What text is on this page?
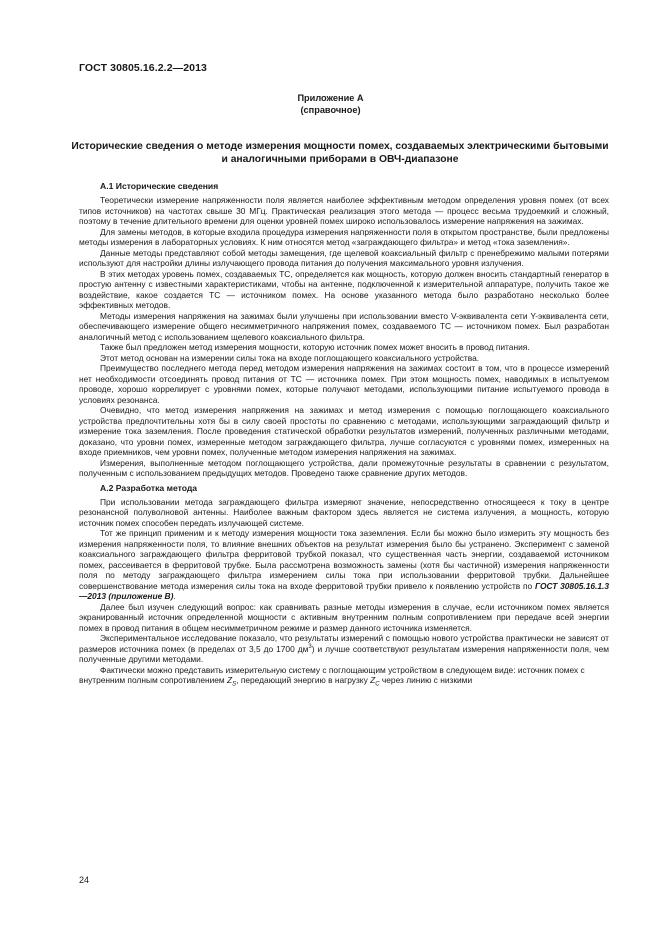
ГОСТ 30805.16.2.2—2013
Приложение А
(справочное)
Исторические сведения о методе измерения мощности помех, создаваемых электрическими бытовыми и аналогичными приборами в ОВЧ-диапазоне
А.1 Исторические сведения

Теоретически измерение напряженности поля является наиболее эффективным методом определения уровня помех (от всех типов источников) на частотах свыше 30 МГц. Практическая реализация этого метода — процесс весьма трудоемкий и сложный, поэтому в течение длительного времени для оценки уровней помех широко использовалось измерение напряжения на зажимах.

Для замены методов, в которые входила процедура измерения напряженности поля в открытом пространстве, были предложены методы измерения в лабораторных условиях. К ним относятся метод «заграждающего фильтра» и метод «тока заземления».

Данные методы представляют собой методы замещения, где щелевой коаксиальный фильтр с пренебрежимо малыми потерями используют для настройки длины излучающего провода питания до получения максимального уровня излучения.

В этих методах уровень помех, создаваемых ТС, определяется как мощность, которую должен вносить стандартный генератор в простую антенну с известными характеристиками, чтобы на антенне, подключенной к измерительной аппаратуре, получить такое же воздействие, какое создается ТС — источником помех. На основе указанного метода было разработано несколько более эффективных методов.

Методы измерения напряжения на зажимах были улучшены при использовании вместо V-эквивалента сети Y-эквивалента сети, обеспечивающего измерение общего несимметричного напряжения помех, создаваемого ТС — источником помех. Был разработан аналогичный метод с использованием щелевого коаксиального фильтра.

Также был предложен метод измерения мощности, которую источник помех может вносить в провод питания.

Этот метод основан на измерении силы тока на входе поглощающего коаксиального устройства.

Преимущество последнего метода перед методом измерения напряжения на зажимах состоит в том, что в процессе измерений нет необходимости отсоединять провод питания от ТС — источника помех. При этом мощность помех, наводимых в испытуемом проводе, хорошо коррелирует с уровнями помех, которые получают методами, использующими питание испытуемого провода в условиях резонанса.

Очевидно, что метод измерения напряжения на зажимах и метод измерения с помощью поглощающего коаксиального устройства предпочтительны хотя бы в силу своей простоты по сравнению с методами, использующими заграждающий фильтр и измерение тока заземления. После проведения статической обработки результатов измерений, полученных различными методами, доказано, что уровни помех, измеренные методом заграждающего фильтра, лучше согласуются с уровнями помех, измеренных на входе приемников, чем уровни помех, полученные методом измерения напряжения на зажимах.

Измерения, выполненные методом поглощающего устройства, дали промежуточные результаты в сравнении с результатом, полученным с использованием предыдущих методов. Проведено также сравнение других методов.

А.2 Разработка метода

При использовании метода заграждающего фильтра измеряют значение, непосредственно относящееся к току в центре резонансной полуволновой антенны. Наиболее важным фактором здесь является не система излучения, а мощность, которую источник помех способен передать излучающей системе.

Тот же принцип применим и к методу измерения мощности тока заземления. Если бы можно было измерить эту мощность без измерения напряженности поля, то влияние внешних объектов на результат измерения было бы устранено. Эксперимент с заменой коаксиального заграждающего фильтра ферритовой трубкой показал, что существенная часть энергии, создаваемой источником помех, рассеивается в ферритовой трубке. Была рассмотрена возможность замены (хотя бы частичной) измерения напряженности поля по методу заграждающего фильтра измерением силы тока при использовании ферритовой трубки. Дальнейшее совершенствование метода измерения силы тока на входе ферритовой трубки привело к появлению устройств по ГОСТ 30805.16.1.3—2013 (приложение В).

Далее был изучен следующий вопрос: как сравнивать разные методы измерения в случае, если источником помех является экранированный источник определенной мощности с активным внутренним полным сопротивлением при передаче всей энергии помех в провод питания в общем несимметричном режиме и размер данного источника изменяется.

Экспериментальное исследование показало, что результаты измерений с помощью нового устройства практически не зависят от размеров источника помех (в пределах от 3,5 до 1700 $дм^3$) и лучше соответствуют результатам измерения напряженности поля, чем полученные другими методами.

Фактически можно представить измерительную систему с поглощающим устройством в следующем виде: источник помех с внутренним полным сопротивлением $Z_S$, передающий энергию в нагрузку $Z_C$ через линию с низкими

24
